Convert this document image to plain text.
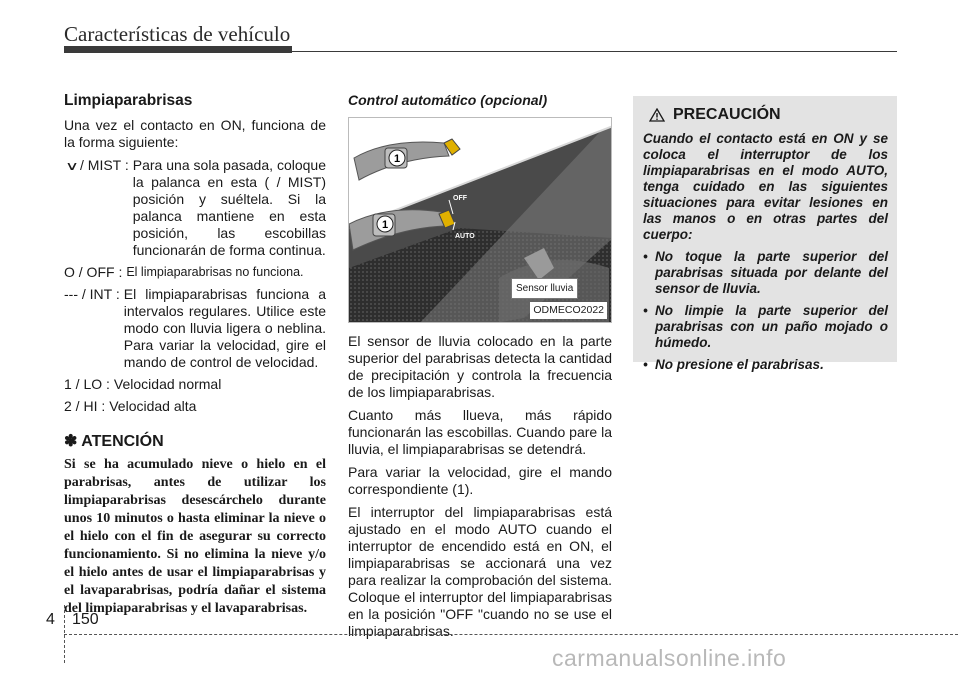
Características de vehículo
Limpiaparabrisas

Una vez el contacto en ON, funciona de la forma siguiente:

∨/ MIST : Para una sola pasada, coloque la palanca en esta ( / MIST) posición y suéltela. Si la palanca mantiene en esta posición, las escobillas funcionarán de forma continua.
O / OFF : El limpiaparabrisas no funciona.
--- / INT : El limpiaparabrisas funciona a intervalos regulares. Utilice este modo con lluvia ligera o neblina. Para variar la velocidad, gire el mando de control de velocidad.
1 / LO : Velocidad normal
2 / HI : Velocidad alta
✽ ATENCIÓN
Si se ha acumulado nieve o hielo en el parabrisas, antes de utilizar los limpiaparabrisas desescárchelo durante unos 10 minutos o hasta eliminar la nieve o el hielo con el fin de asegurar su correcto funcionamiento. Si no elimina la nieve y/o el hielo antes de usar el limpiaparabrisas y el lavaparabrisas, podría dañar el sistema del limpiaparabrisas y el lavaparabrisas.
Control automático (opcional)
1
AUTO
O
1
OFF
AUTO
Sensor lluvia
ODMECO2022

El sensor de lluvia colocado en la parte superior del parabrisas detecta la cantidad de precipitación y controla la frecuencia de los limpiaparabrisas.

Cuanto más llueva, más rápido funcionarán las escobillas. Cuando pare la lluvia, el limpiaparabrisas se detendrá.

Para variar la velocidad, gire el mando correspondiente (1).

El interruptor del limpiaparabrisas está ajustado en el modo AUTO cuando el interruptor de encendido está en ON, el limpiaparabrisas se accionará una vez para realizar la comprobación del sistema. Coloque el interruptor del limpiaparabrisas en la posición "OFF "cuando no se use el limpiaparabrisas.

PRECAUCIÓN
Cuando el contacto está en ON y se coloca el interruptor de los limpiaparabrisas en el modo AUTO, tenga cuidado en las siguientes situaciones para evitar lesiones en las manos o en otras partes del cuerpo:
• No toque la parte superior del parabrisas situada por delante del sensor de lluvia.
• No limpie la parte superior del parabrisas con un paño mojado o húmedo.
• No presione el parabrisas.
4 150
carmanualsonline.info
